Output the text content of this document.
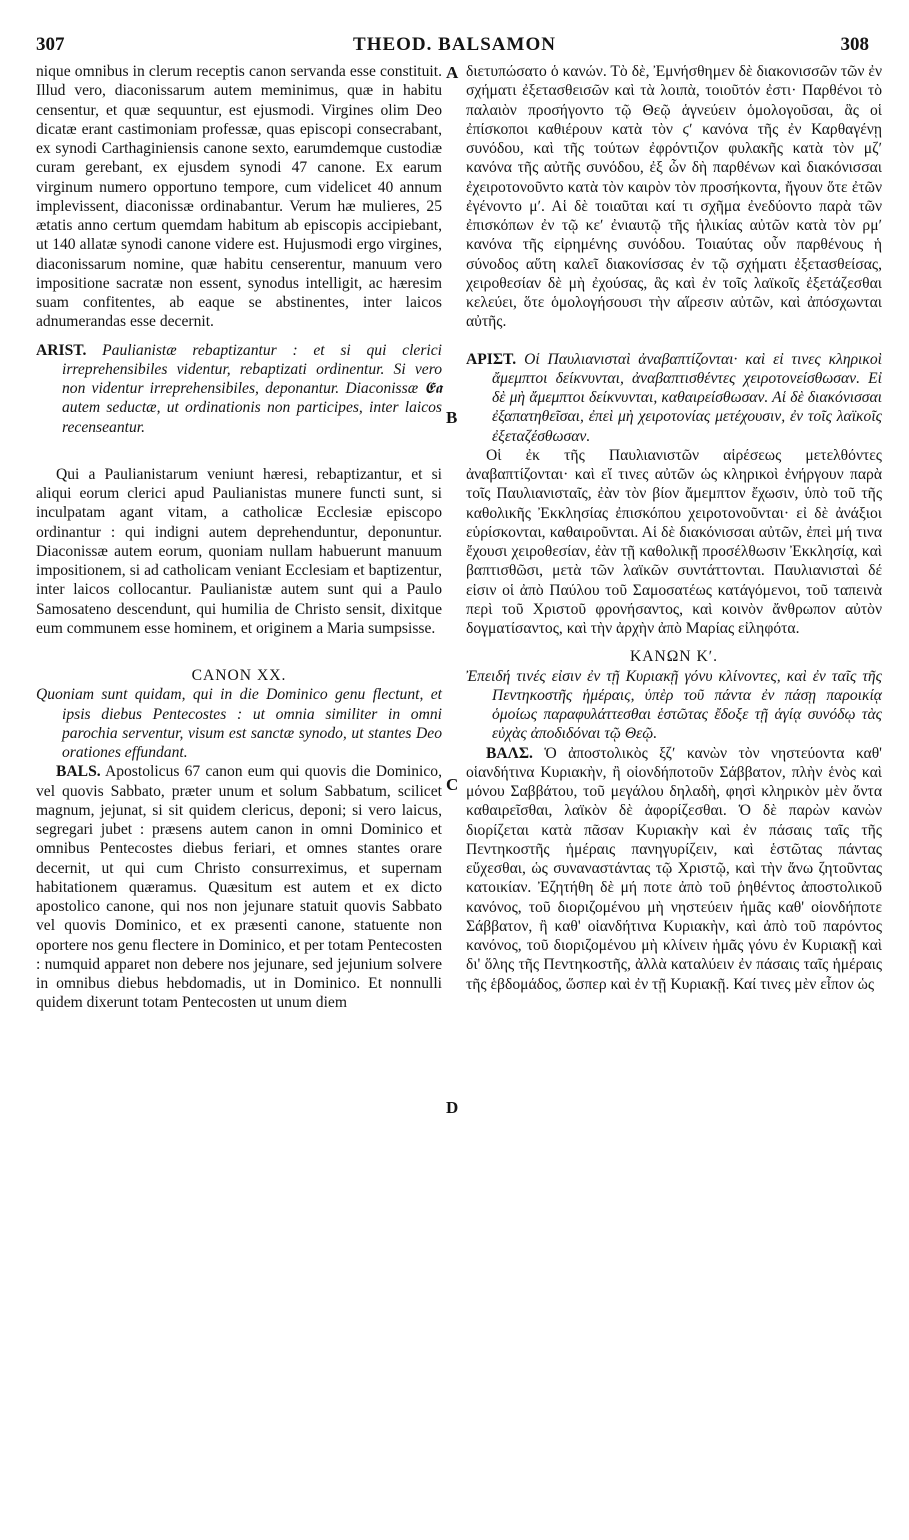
307	THEOD. BALSAMON	308
A
B
C
D

nique omnibus in clerum receptis canon servanda esse constituit. Illud vero, diaconissarum autem meminimus, quæ in habitu censentur, et quæ sequuntur, est ejusmodi. Virgines olim Deo dicatæ erant castimoniam professæ, quas episcopi consecrabant, ex synodi Carthaginiensis canone sexto, earumdemque custodiæ curam gerebant, ex ejusdem synodi 47 canone. Ex earum virginum numero opportuno tempore, cum videlicet 40 annum implevissent, diaconissæ ordinabantur. Verum hæ mulieres, 25 ætatis anno certum quemdam habitum ab episcopis accipiebant, ut 140 allatæ synodi canone videre est. Hujusmodi ergo virgines, diaconissarum nomine, quæ habitu censerentur, manuum vero impositione sacratæ non essent, synodus intelligit, ac hæresim suam confitentes, ab eaque se abstinentes, inter laicos adnumerandas esse decernit.

ARIST. Paulianistæ rebaptizantur : et si qui clerici irreprehensibiles videntur, rebaptizati ordinentur. Si vero non videntur irreprehensibiles, deponantur. Diaconissæ 𝕰𝖆 autem seductæ, ut ordinationis non participes, inter laicos recenseantur.

Qui a Paulianistarum veniunt hæresi, rebaptizantur, et si aliqui eorum clerici apud Paulianistas munere functi sunt, si inculpatam agant vitam, a catholicæ Ecclesiæ episcopo ordinantur : qui indigni autem deprehenduntur, deponuntur. Diaconissæ autem eorum, quoniam nullam habuerunt manuum impositionem, si ad catholicam veniant Ecclesiam et baptizentur, inter laicos collocantur. Paulianistæ autem sunt qui a Paulo Samosateno descendunt, qui humilia de Christo sensit, dixitque eum communem esse hominem, et originem a Maria sumpsisse.

CANON XX.

Quoniam sunt quidam, qui in die Dominico genu flectunt, et ipsis diebus Pentecostes : ut omnia similiter in omni parochia serventur, visum est sanctæ synodo, ut stantes Deo orationes effundant.

BALS. Apostolicus 67 canon eum qui quovis die Dominico, vel quovis Sabbato, præter unum et solum Sabbatum, scilicet magnum, jejunat, si sit quidem clericus, deponi; si vero laicus, segregari jubet : præsens autem canon in omni Dominico et omnibus Pentecostes diebus feriari, et omnes stantes orare decernit, ut qui cum Christo consurreximus, et supernam habitationem quæramus. Quæsitum est autem et ex dicto apostolico canone, qui nos non jejunare statuit quovis Sabbato vel quovis Dominico, et ex præsenti canone, statuente non oportere nos genu flectere in Dominico, et per totam Pentecosten : numquid apparet non debere nos jejunare, sed jejunium solvere in omnibus diebus hebdomadis, ut in Dominico. Et nonnulli quidem dixerunt totam Pentecosten ut unum diem

διετυπώσατο ὁ κανών. Τὸ δὲ, Ἐμνήσθημεν δὲ διακονισσῶν τῶν ἐν σχήματι ἐξετασθεισῶν καὶ τὰ λοιπὰ, τοιοῦτόν ἐστι· Παρθένοι τὸ παλαιὸν προσήγοντο τῷ Θεῷ ἁγνεύειν ὁμολογοῦσαι, ἃς οἱ ἐπίσκοποι καθιέρουν κατὰ τὸν ϛʹ κανόνα τῆς ἐν Καρθαγένῃ συνόδου, καὶ τῆς τούτων ἐφρόντιζον φυλακῆς κατὰ τὸν μζʹ κανόνα τῆς αὐτῆς συνόδου, ἐξ ὧν δὴ παρθένων καὶ διακόνισσαι ἐχειροτονοῦντο κατὰ τὸν καιρὸν τὸν προσήκοντα, ἤγουν ὅτε ἐτῶν ἐγένοντο μʹ. Αἱ δὲ τοιαῦται καί τι σχῆμα ἐνεδύοντο παρὰ τῶν ἐπισκόπων ἐν τῷ κεʹ ἐνιαυτῷ τῆς ἡλικίας αὐτῶν κατὰ τὸν ρμʹ κανόνα τῆς εἰρημένης συνόδου. Τοιαύτας οὖν παρθένους ἡ σύνοδος αὕτη καλεῖ διακονίσσας ἐν τῷ σχήματι ἐξετασθείσας, χειροθεσίαν δὲ μὴ ἐχούσας, ἃς καὶ ἐν τοῖς λαϊκοῖς ἐξετάζεσθαι κελεύει, ὅτε ὁμολογήσουσι τὴν αἵρεσιν αὐτῶν, καὶ ἀπόσχωνται αὐτῆς.

ΑΡΙΣΤ. Οἱ Παυλιανισταὶ ἀναβαπτίζονται· καὶ εἰ τινες κληρικοὶ ἄμεμπτοι δείκνυνται, ἀναβαπτισθέντες χειροτονείσθωσαν. Εἰ δὲ μὴ ἄμεμπτοι δείκνυνται, καθαιρείσθωσαν. Αἱ δὲ διακόνισσαι ἐξαπατηθεῖσαι, ἐπεὶ μὴ χειροτονίας μετέχουσιν, ἐν τοῖς λαϊκοῖς ἐξεταζέσθωσαν.

Οἱ ἐκ τῆς Παυλιανιστῶν αἱρέσεως μετελθόντες ἀναβαπτίζονται· καὶ εἴ τινες αὐτῶν ὡς κληρικοὶ ἐνήργουν παρὰ τοῖς Παυλιανισταῖς, ἐὰν τὸν βίον ἄμεμπτον ἔχωσιν, ὑπὸ τοῦ τῆς καθολικῆς Ἐκκλησίας ἐπισκόπου χειροτονοῦνται· εἰ δὲ ἀνάξιοι εὑρίσκονται, καθαιροῦνται. Αἱ δὲ διακόνισσαι αὐτῶν, ἐπεὶ μή τινα ἔχουσι χειροθεσίαν, ἐὰν τῇ καθολικῇ προσέλθωσιν Ἐκκλησίᾳ, καὶ βαπτισθῶσι, μετὰ τῶν λαϊκῶν συντάττονται. Παυλιανισταὶ δέ εἰσιν οἱ ἀπὸ Παύλου τοῦ Σαμοσατέως κατάγόμενοι, τοῦ ταπεινὰ περὶ τοῦ Χριστοῦ φρονήσαντος, καὶ κοινὸν ἄνθρωπον αὐτὸν δογματίσαντος, καὶ τὴν ἀρχὴν ἀπὸ Μαρίας εἰληφότα.

ΚΑΝΩΝ Κʹ.

Ἐπειδή τινές εἰσιν ἐν τῇ Κυριακῇ γόνυ κλίνοντες, καὶ ἐν ταῖς τῆς Πεντηκοστῆς ἡμέραις, ὑπὲρ τοῦ πάντα ἐν πάσῃ παροικίᾳ ὁμοίως παραφυλάττεσθαι ἑστῶτας ἔδοξε τῇ ἁγίᾳ συνόδῳ τὰς εὐχὰς ἀποδιδόναι τῷ Θεῷ.

ΒΑΛΣ. Ὁ ἀποστολικὸς ξζʹ κανὼν τὸν νηστεύοντα καθ' οἱανδήτινα Κυριακὴν, ἢ οἱονδήποτοῦν Σάββατον, πλὴν ἑνὸς καὶ μόνου Σαββάτου, τοῦ μεγάλου δηλαδὴ, φησὶ κληρικὸν μὲν ὄντα καθαιρεῖσθαι, λαϊκὸν δὲ ἀφορίζεσθαι. Ὁ δὲ παρὼν κανὼν διορίζεται κατὰ πᾶσαν Κυριακὴν καὶ ἐν πάσαις ταῖς τῆς Πεντηκοστῆς ἡμέραις πανηγυρίζειν, καὶ ἑστῶτας πάντας εὔχεσθαι, ὡς συναναστάντας τῷ Χριστῷ, καὶ τὴν ἄνω ζητοῦντας κατοικίαν. Ἐζητήθη δὲ μή ποτε ἀπὸ τοῦ ῥηθέντος ἀποστολικοῦ κανόνος, τοῦ διοριζομένου μὴ νηστεύειν ἡμᾶς καθ' οἱονδήποτε Σάββατον, ἢ καθ' οἱανδήτινα Κυριακὴν, καὶ ἀπὸ τοῦ παρόντος κανόνος, τοῦ διοριζομένου μὴ κλίνειν ἡμᾶς γόνυ ἐν Κυριακῇ καὶ δι' ὅλης τῆς Πεντηκοστῆς, ἀλλὰ καταλύειν ἐν πάσαις ταῖς ἡμέραις τῆς ἑβδομάδος, ὥσπερ καὶ ἐν τῇ Κυριακῇ. Καί τινες μὲν εἶπον ὡς
